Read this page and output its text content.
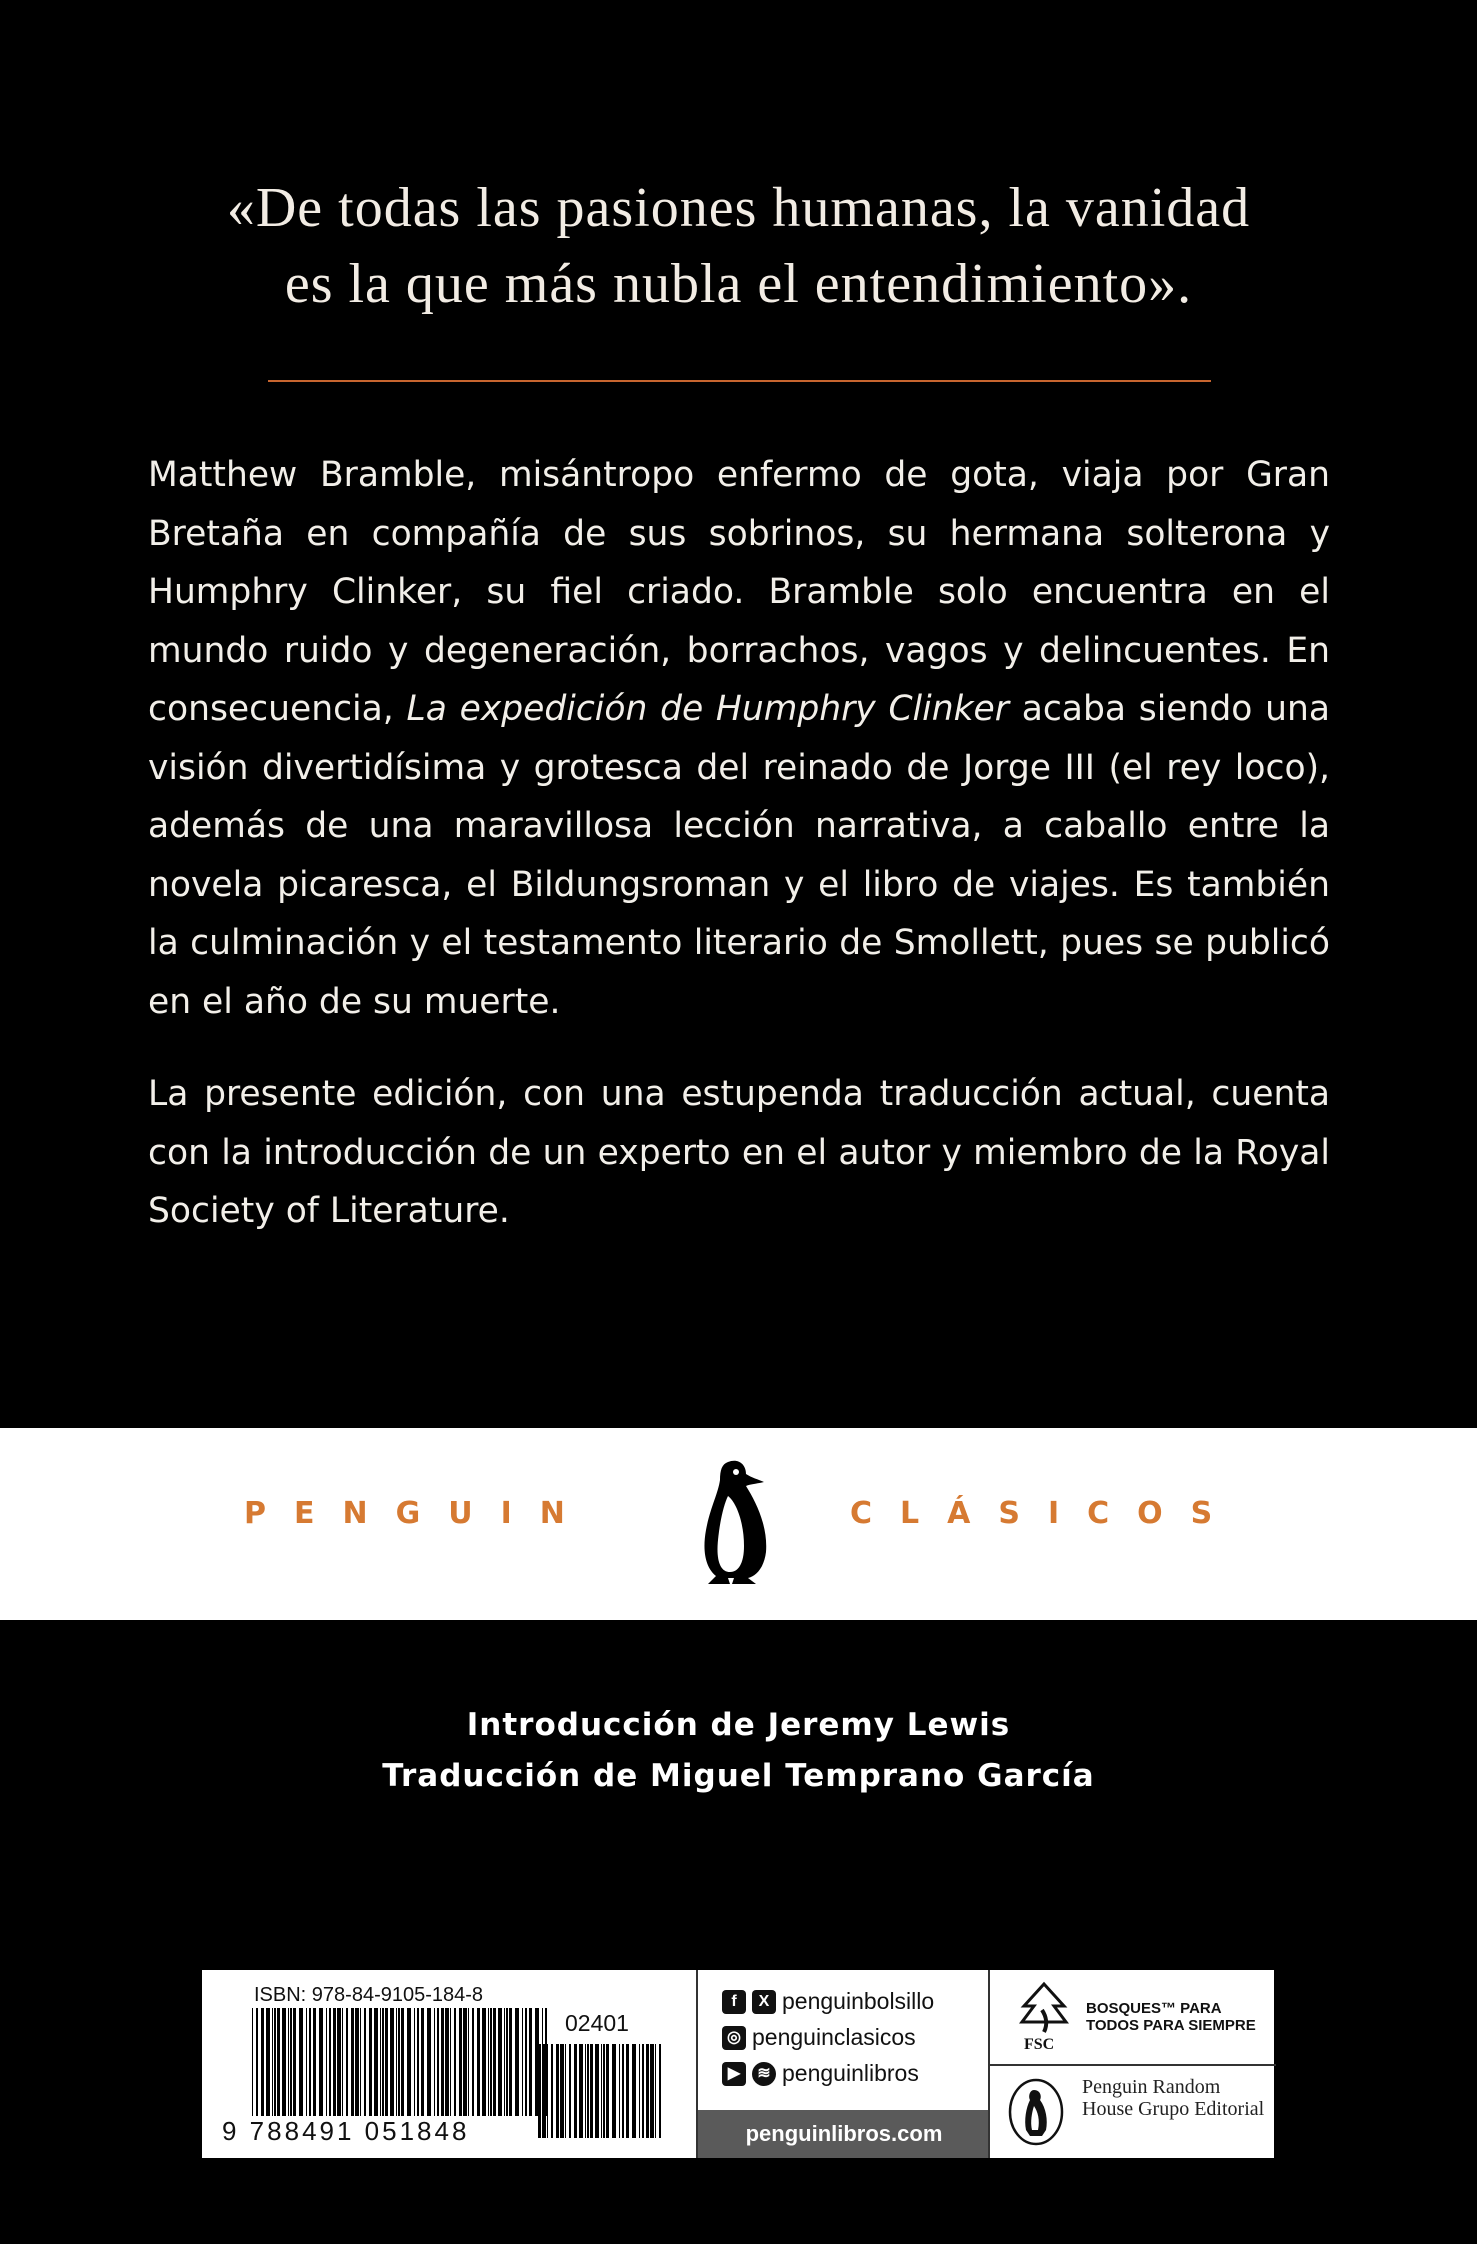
«De todas las pasiones humanas, la vanidad
es la que más nubla el entendimiento».

Matthew Bramble, misántropo enfermo de gota, viaja por Gran Bretaña en compañía de sus sobrinos, su hermana solterona y Humphry Clinker, su fiel criado. Bramble solo encuentra en el mundo ruido y degeneración, borrachos, vagos y delincuentes. En consecuencia, La expedición de Humphry Clinker acaba siendo una visión divertidísima y grotesca del reinado de Jorge III (el rey loco), además de una maravillosa lección narrativa, a caballo entre la novela picaresca, el Bildungsroman y el libro de viajes. Es también la culminación y el testamento literario de Smollett, pues se publicó en el año de su muerte.

La presente edición, con una estupenda traducción actual, cuenta con la introducción de un experto en el autor y miembro de la Royal Society of Literature.

PENGUIN	CLÁSICOS
Introducción de Jeremy Lewis
Traducción de Miguel Temprano García
ISBN: 978-84-9105-184-8
02401
9 788491 051848
f	X penguinbolsillo
◎ penguinclasicos
▶	≋ penguinlibros
penguinlibros.com
FSC
BOSQUES™ PARA TODOS PARA SIEMPRE
Penguin Random House Grupo Editorial
